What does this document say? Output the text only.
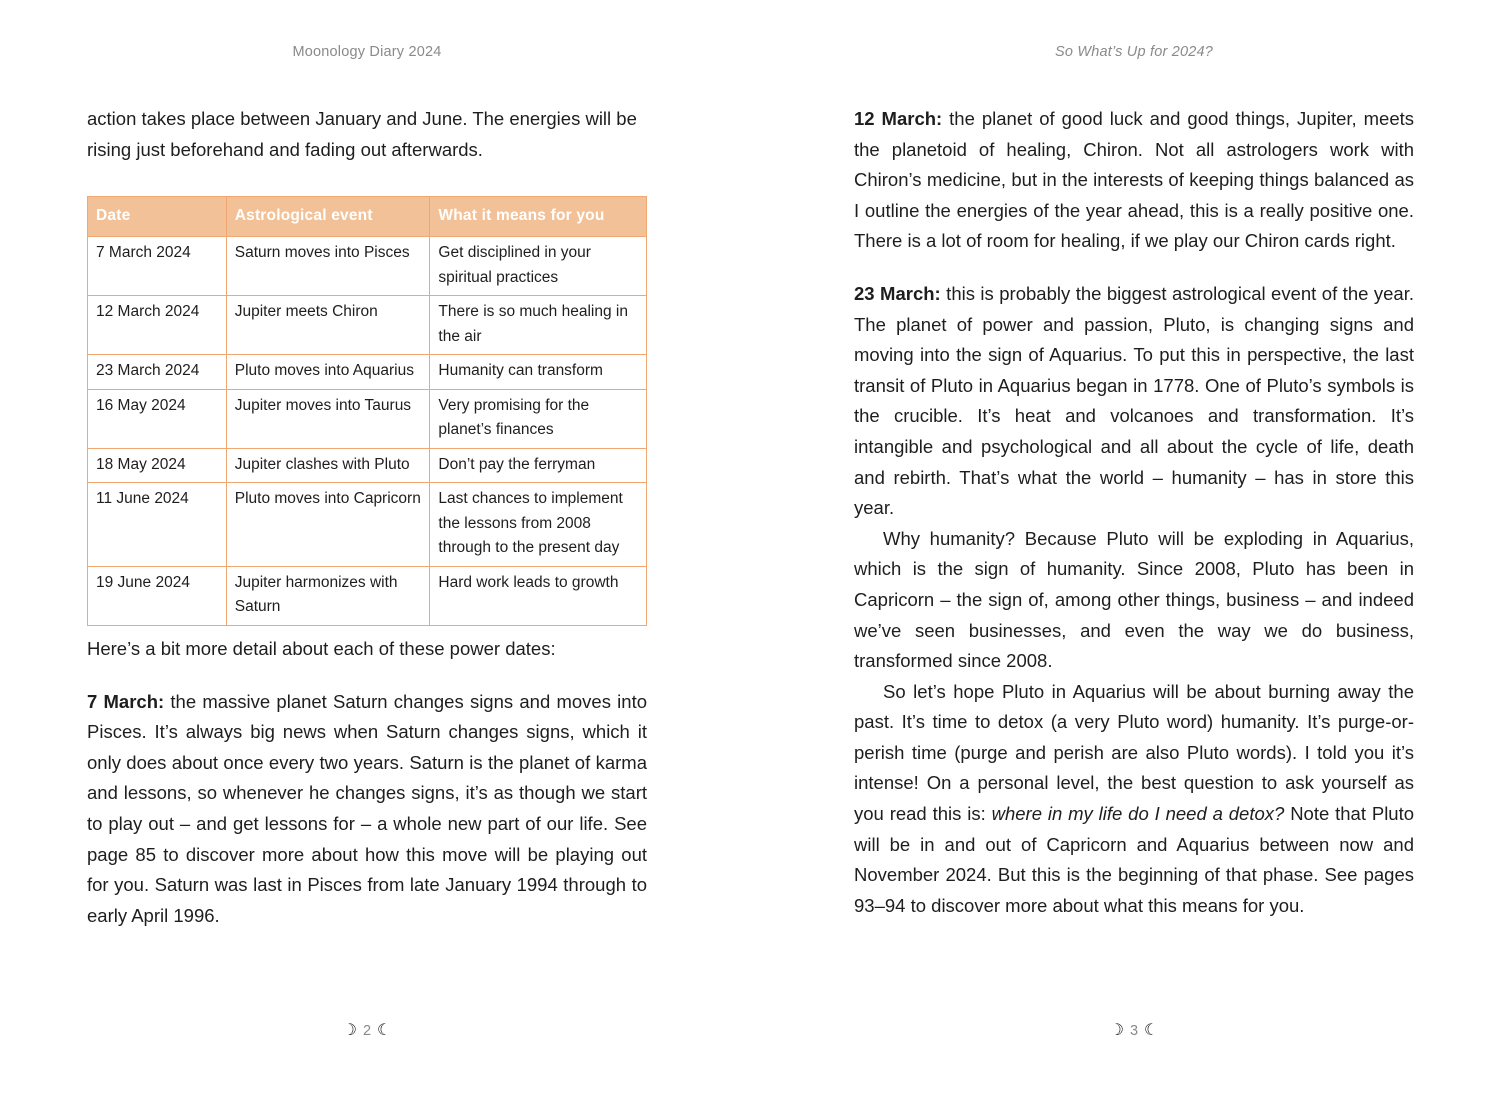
Moonology Diary 2024

action takes place between January and June. The energies will be rising just beforehand and fading out afterwards.

Date	Astrological event	What it means for you
7 March 2024	Saturn moves into Pisces	Get disciplined in your spiritual practices
12 March 2024	Jupiter meets Chiron	There is so much healing in the air
23 March 2024	Pluto moves into Aquarius	Humanity can transform
16 May 2024	Jupiter moves into Taurus	Very promising for the planet’s finances
18 May 2024	Jupiter clashes with Pluto	Don’t pay the ferryman
11 June 2024	Pluto moves into Capricorn	Last chances to implement the lessons from 2008 through to the present day
19 June 2024	Jupiter harmonizes with Saturn	Hard work leads to growth

Here’s a bit more detail about each of these power dates:

7 March: the massive planet Saturn changes signs and moves into Pisces. It’s always big news when Saturn changes signs, which it only does about once every two years. Saturn is the planet of karma and lessons, so whenever he changes signs, it’s as though we start to play out – and get lessons for – a whole new part of our life. See page 85 to discover more about how this move will be playing out for you. Saturn was last in Pisces from late January 1994 through to early April 1996.

☽ 2 ☾
So What’s Up for 2024?

12 March: the planet of good luck and good things, Jupiter, meets the planetoid of healing, Chiron. Not all astrologers work with Chiron’s medicine, but in the interests of keeping things balanced as I outline the energies of the year ahead, this is a really positive one. There is a lot of room for healing, if we play our Chiron cards right.

23 March: this is probably the biggest astrological event of the year. The planet of power and passion, Pluto, is changing signs and moving into the sign of Aquarius. To put this in perspective, the last transit of Pluto in Aquarius began in 1778. One of Pluto’s symbols is the crucible. It’s heat and volcanoes and transformation. It’s intangible and psychological and all about the cycle of life, death and rebirth. That’s what the world – humanity – has in store this year.

Why humanity? Because Pluto will be exploding in Aquarius, which is the sign of humanity. Since 2008, Pluto has been in Capricorn – the sign of, among other things, business – and indeed we’ve seen businesses, and even the way we do business, transformed since 2008.

So let’s hope Pluto in Aquarius will be about burning away the past. It’s time to detox (a very Pluto word) humanity. It’s purge-or-perish time (purge and perish are also Pluto words). I told you it’s intense! On a personal level, the best question to ask yourself as you read this is: where in my life do I need a detox? Note that Pluto will be in and out of Capricorn and Aquarius between now and November 2024. But this is the beginning of that phase. See pages 93–94 to discover more about what this means for you.

☽ 3 ☾
